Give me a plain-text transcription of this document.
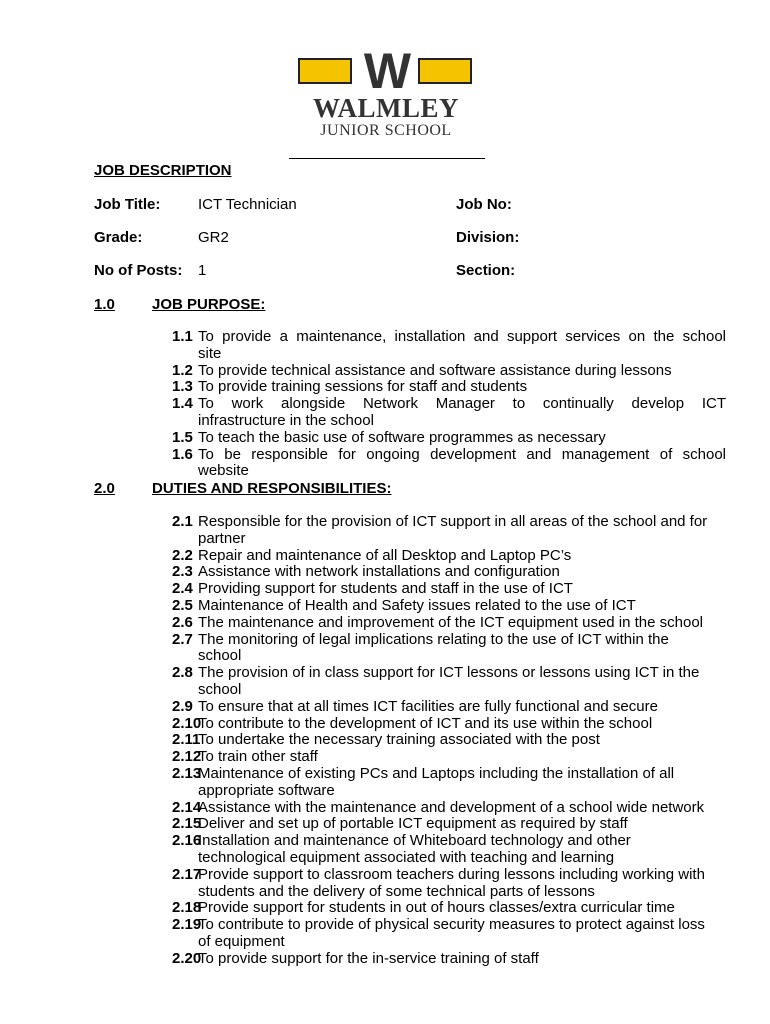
W
WALMLEY
JUNIOR SCHOOL
JOB DESCRIPTION
Job Title:	ICT Technician	Job No:
Grade:	GR2	Division:
No of Posts: 1	Section:
1.0 JOB PURPOSE:
1.1 To provide a maintenance, installation and support services on the school
site
1.2 To provide technical assistance and software assistance during lessons
1.3 To provide training sessions for staff and students
1.4 To work alongside Network Manager to continually develop ICT
infrastructure in the school
1.5 To teach the basic use of software programmes as necessary
1.6 To be responsible for ongoing development and management of school
website
2.0 DUTIES AND RESPONSIBILITIES:
2.1 Responsible for the provision of ICT support in all areas of the school and for
partner
2.2 Repair and maintenance of all Desktop and Laptop PC’s
2.3 Assistance with network installations and configuration
2.4 Providing support for students and staff in the use of ICT
2.5 Maintenance of Health and Safety issues related to the use of ICT
2.6 The maintenance and improvement of the ICT equipment used in the school
2.7 The monitoring of legal implications relating to the use of ICT within the
school
2.8 The provision of in class support for ICT lessons or lessons using ICT in the
school
2.9 To ensure that at all times ICT facilities are fully functional and secure
2.10
To contribute to the development of ICT and its use within the school
2.11
To undertake the necessary training associated with the post
2.12
To train other staff
2.13
Maintenance of existing PCs and Laptops including the installation of all
appropriate software
2.14
Assistance with the maintenance and development of a school wide network
2.15
Deliver and set up of portable ICT equipment as required by staff
2.16
Installation and maintenance of Whiteboard technology and other
technological equipment associated with teaching and learning
2.17
Provide support to classroom teachers during lessons including working with
students and the delivery of some technical parts of lessons
2.18
Provide support for students in out of hours classes/extra curricular time
2.19
To contribute to provide of physical security measures to protect against loss
of equipment
2.20
To provide support for the in-service training of staff
